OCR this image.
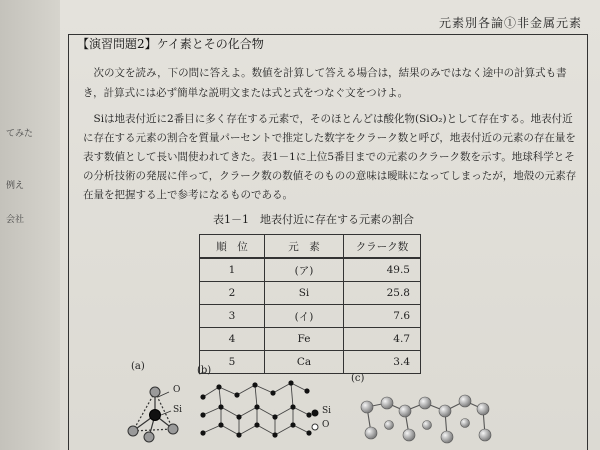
てみた
例え
会社
元素別各論①非金属元素
【演習問題2】ケイ素とその化合物
次の文を読み，下の問に答えよ。数値を計算して答える場合は，結果のみではなく途中の計算式も書き，計算式には必ず簡単な説明文または式と式をつなぐ文をつけよ。
Siは地表付近に2番目に多く存在する元素で，そのほとんどは酸化物(SiO₂)として存在する。地表付近に存在する元素の割合を質量パーセントで推定した数字をクラーク数と呼び，地表付近の元素の存在量を表す数値として長い間使われてきた。表1－1に上位5番目までの元素のクラーク数を示す。地球科学とその分析技術の発展に伴って，クラーク数の数値そのものの意味は曖昧になってしまったが，地殻の元素存在量を把握する上で参考になるものである。
表1－1　地表付近に存在する元素の割合
順　位	元　素	クラーク数
1	(ア)	49.5
2	Si	25.8
3	(イ)	7.6
4	Fe	4.7
5	Ca	3.4
(a)	(b)
(c)
O
Si	Si
O
